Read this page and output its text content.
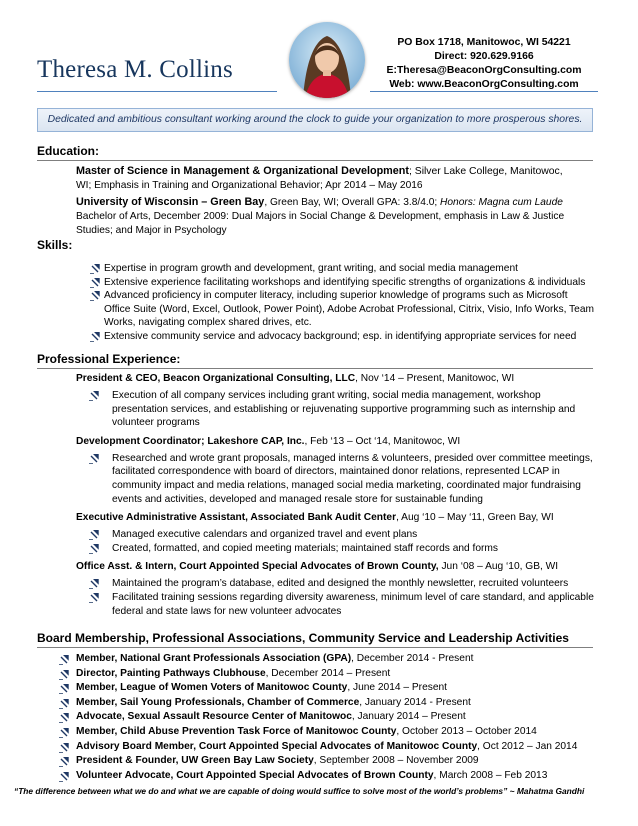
Theresa M. Collins
PO Box 1718, Manitowoc, WI 54221
Direct: 920.629.9166
E:Theresa@BeaconOrgConsulting.com
Web: www.BeaconOrgConsulting.com
Dedicated and ambitious consultant working around the clock to guide your organization to more prosperous shores.
Education:
Master of Science in Management & Organizational Development; Silver Lake College, Manitowoc,
WI; Emphasis in Training and Organizational Behavior; Apr 2014 – May 2016
University of Wisconsin – Green Bay, Green Bay, WI; Overall GPA: 3.8/4.0; Honors: Magna cum Laude
Bachelor of Arts, December 2009: Dual Majors in Social Change & Development, emphasis in Law & Justice
Studies; and Major in Psychology
Skills:
Expertise in program growth and development, grant writing, and social media management
Extensive experience facilitating workshops and identifying specific strengths of organizations & individuals
Advanced proficiency in computer literacy, including superior knowledge of programs such as Microsoft Office Suite (Word, Excel, Outlook, Power Point), Adobe Acrobat Professional, Citrix, Visio, Info Works, Team Works, navigating complex shared drives, etc.
Extensive community service and advocacy background; esp. in identifying appropriate services for need
Professional Experience:
President & CEO, Beacon Organizational Consulting, LLC, Nov ‘14 – Present, Manitowoc, WI
Execution of all company services including grant writing, social media management, workshop presentation services, and establishing or rejuvenating supportive programming such as internship and volunteer programs
Development Coordinator; Lakeshore CAP, Inc., Feb ‘13 – Oct ‘14, Manitowoc, WI
Researched and wrote grant proposals, managed interns & volunteers, presided over committee meetings, facilitated correspondence with board of directors, maintained donor relations, represented LCAP in community impact and media relations, managed social media marketing, coordinated major fundraising events and activities, developed and managed resale store for sustainable funding
Executive Administrative Assistant, Associated Bank Audit Center, Aug ‘10 – May ‘11, Green Bay, WI
Managed executive calendars and organized travel and event plans
Created, formatted, and copied meeting materials; maintained staff records and forms
Office Asst. & Intern, Court Appointed Special Advocates of Brown County, Jun ‘08 – Aug ‘10, GB, WI
Maintained the program’s database, edited and designed the monthly newsletter, recruited volunteers
Facilitated training sessions regarding diversity awareness, minimum level of care standard, and applicable federal and state laws for new volunteer advocates
Board Membership, Professional Associations, Community Service and Leadership Activities
Member, National Grant Professionals Association (GPA), December 2014 - Present
Director, Painting Pathways Clubhouse, December 2014 – Present
Member, League of Women Voters of Manitowoc County, June 2014 – Present
Member, Sail Young Professionals, Chamber of Commerce, January 2014 - Present
Advocate, Sexual Assault Resource Center of Manitowoc, January 2014 – Present
Member, Child Abuse Prevention Task Force of Manitowoc County, October 2013 – October 2014
Advisory Board Member, Court Appointed Special Advocates of Manitowoc County, Oct 2012 – Jan 2014
President & Founder, UW Green Bay Law Society, September 2008 – November 2009
Volunteer Advocate, Court Appointed Special Advocates of Brown County, March 2008 – Feb 2013
“The difference between what we do and what we are capable of doing would suffice to solve most of the world’s problems” ~ Mahatma Gandhi
